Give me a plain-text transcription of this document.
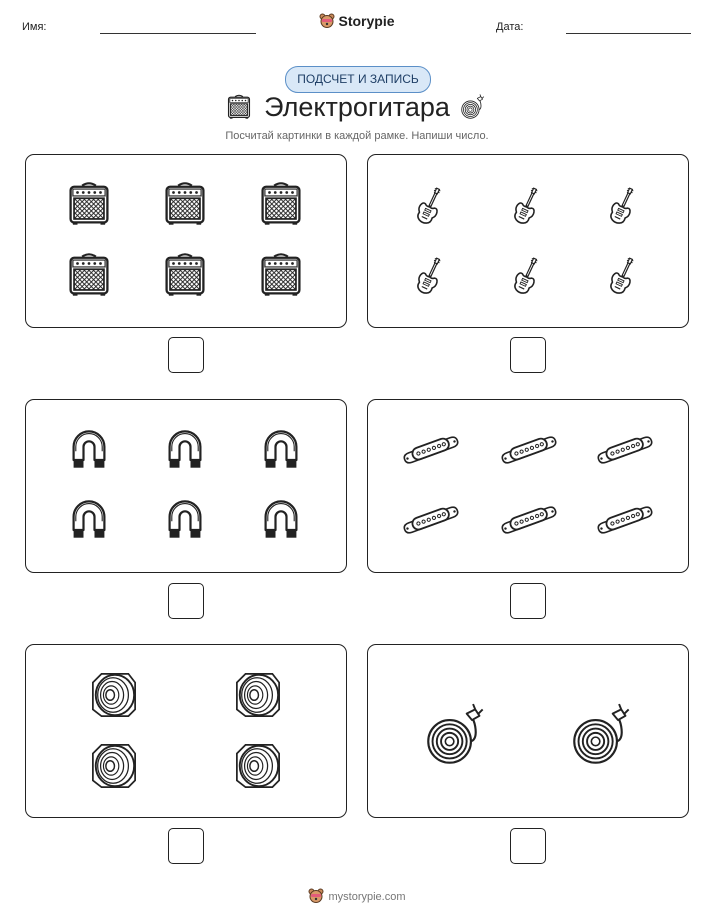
Имя:	Storypie	Дата:
ПОДСЧЕТ И ЗАПИСЬ
Электрогитара
Посчитай картинки в каждой рамке. Напиши число.
mystorypie.com
